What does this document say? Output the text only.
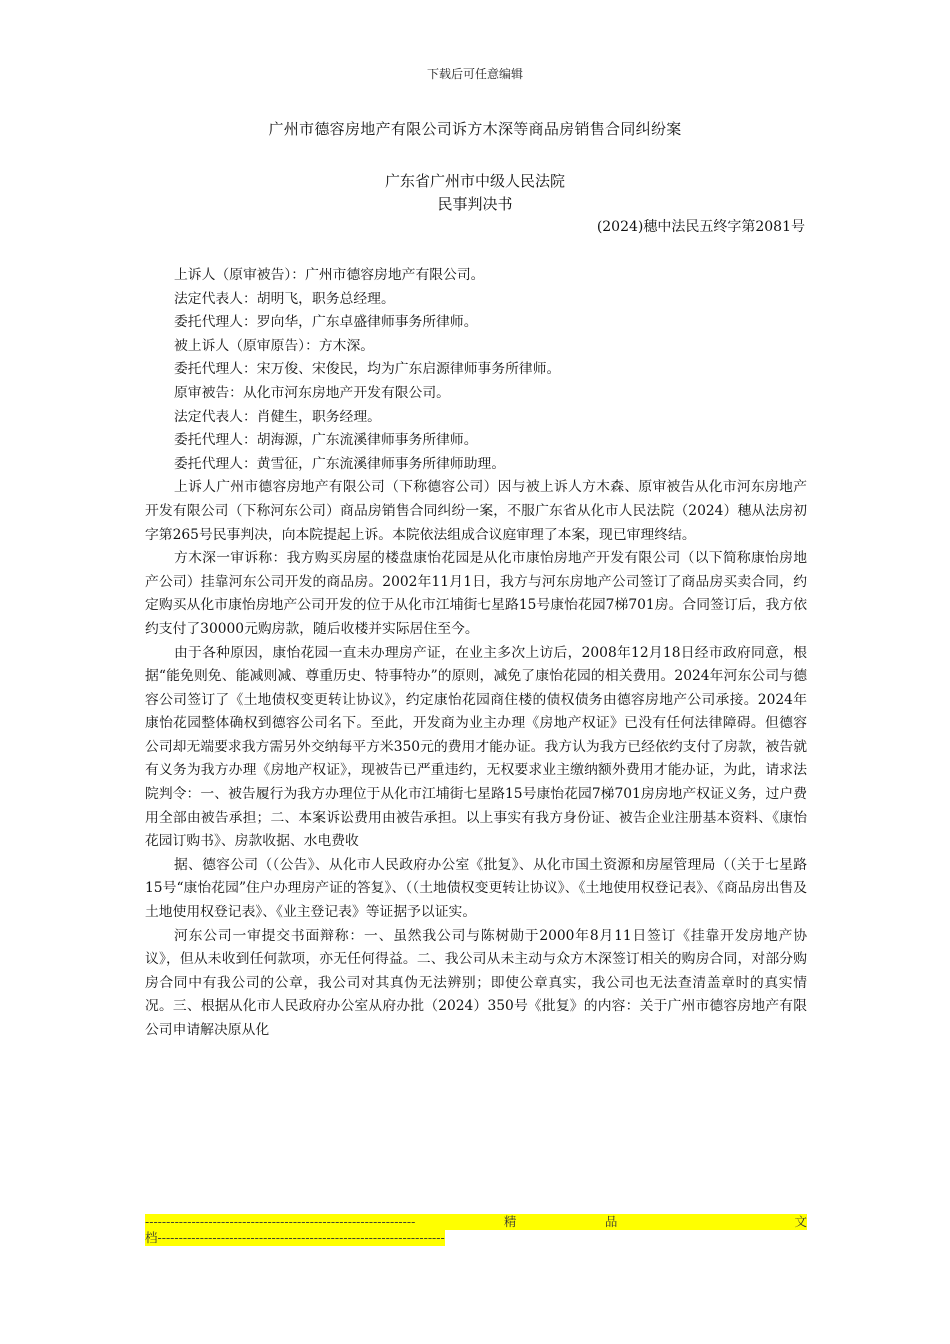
下载后可任意编辑
广州市德容房地产有限公司诉方木深等商品房销售合同纠纷案
广东省广州市中级人民法院
民事判决书
(2024)穗中法民五终字第2081号

上诉人（原审被告）：广州市德容房地产有限公司。

法定代表人：胡明飞，职务总经理。

委托代理人：罗向华，广东卓盛律师事务所律师。

被上诉人（原审原告）：方木深。

委托代理人：宋万俊、宋俊民，均为广东启源律师事务所律师。

原审被告：从化市河东房地产开发有限公司。

法定代表人：肖健生，职务经理。

委托代理人：胡海源，广东流溪律师事务所律师。

委托代理人：黄雪征，广东流溪律师事务所律师助理。

上诉人广州市德容房地产有限公司（下称德容公司）因与被上诉人方木森、原审被告从化市河东房地产开发有限公司（下称河东公司）商品房销售合同纠纷一案，不服广东省从化市人民法院（2024）穗从法房初字第265号民事判决，向本院提起上诉。本院依法组成合议庭审理了本案，现已审理终结。

方木深一审诉称：我方购买房屋的楼盘康怡花园是从化市康怡房地产开发有限公司（以下简称康怡房地产公司）挂靠河东公司开发的商品房。2002年11月1日，我方与河东房地产公司签订了商品房买卖合同，约定购买从化市康怡房地产公司开发的位于从化市江埔街七星路15号康怡花园7梯701房。合同签订后，我方依约支付了30000元购房款，随后收楼并实际居住至今。

由于各种原因，康怡花园一直未办理房产证，在业主多次上访后，2008年12月18日经市政府同意，根据“能免则免、能减则减、尊重历史、特事特办”的原则，减免了康怡花园的相关费用。2024年河东公司与德容公司签订了《土地债权变更转让协议》，约定康怡花园商住楼的债权债务由德容房地产公司承接。2024年康怡花园整体确权到德容公司名下。至此，开发商为业主办理《房地产权证》已没有任何法律障碍。但德容公司却无端要求我方需另外交纳每平方米350元的费用才能办证。我方认为我方已经依约支付了房款，被告就有义务为我方办理《房地产权证》，现被告已严重违约，无权要求业主缴纳额外费用才能办证，为此，请求法院判令：一、被告履行为我方办理位于从化市江埔街七星路15号康怡花园7梯701房房地产权证义务，过户费用全部由被告承担；二、本案诉讼费用由被告承担。以上事实有我方身份证、被告企业注册基本资料、《康怡花园订购书》、房款收据、水电费收

据、德容公司（（公告》、从化市人民政府办公室《批复》、从化市国土资源和房屋管理局（（关于七星路15号“康怡花园”住户办理房产证的答复》、（（土地债权变更转让协议》、《土地使用权登记表》、《商品房出售及土地使用权登记表》、《业主登记表》等证据予以证实。

河东公司一审提交书面辩称：一、虽然我公司与陈树勋于2000年8月11日签订《挂靠开发房地产协议》，但从未收到任何款项，亦无任何得益。二、我公司从未主动与众方木深签订相关的购房合同，对部分购房合同中有我公司的公章，我公司对其真伪无法辨别；即使公章真实，我公司也无法查清盖章时的真实情况。三、根据从化市人民政府办公室从府办批（2024）350号《批复》的内容：关于广州市德容房地产有限公司申请解决原从化

----------------------------------------------------------------	精	品	文
档--------------------------------------------------------------------
